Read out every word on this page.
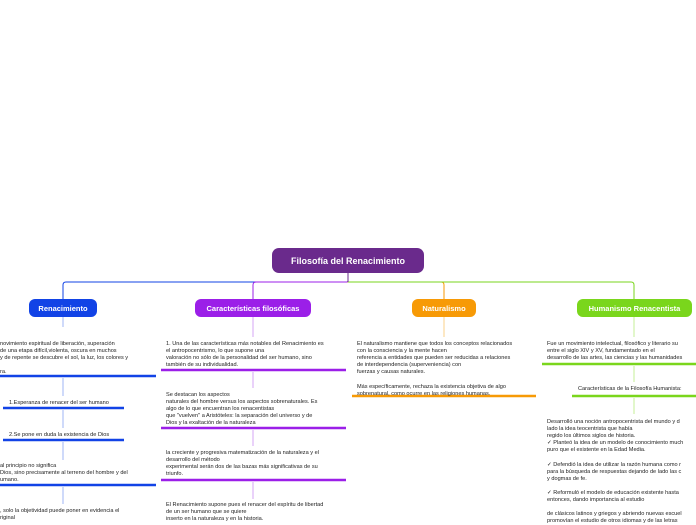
Filosofía del Renacimiento
Renacimiento	Características filosóficas	Naturalismo	Humanismo Renacentista
novimiento espiritual de liberación, superación
de una etapa difícil,violenta, oscura en muchos
y de repente se descubre el sol, la luz, los colores y

ra.
1.Esperanza de renacer del ser humano
2.Se pone en duda la existencia de Dios
al principio no significa
Dios, sino precisamente al terreno del hombre y del
umano.
, solo la objetividad puede poner en evidencia el
riginal
1. Una de las características más notables del Renacimiento es
el antropocentrismo, lo que supone una
valoración no sólo de la personalidad del ser humano, sino
también de su individualidad.
Se destacan los aspectos
naturales del hombre versus los aspectos sobrenaturales. Es
algo de lo que encuentran los renacentistas
que "vuelven" a Aristóteles: la separación del universo y de
Dios y la exaltación de la naturaleza
la creciente y progresiva matematización de la naturaleza y el
desarrollo del método
experimental serán dos de las bazas más significativas de su
triunfo.
El Renacimiento supone pues el renacer del espíritu de libertad
de un ser humano que se quiere
inserto en la naturaleza y en la historia.
El naturalismo mantiene que todos los conceptos relacionados
con la consciencia y la mente hacen
referencia a entidades que pueden ser reducidas a relaciones
de interdependencia (superveniencia) con
fuerzas y causas naturales.

Más específicamente, rechaza la existencia objetiva de algo
sobrenatural, como ocurre en las religiones humanas.
Fue un movimiento intelectual, filosófico y literario su
entre el siglo XIV y XV, fundamentado en el
desarrollo de las artes, las ciencias y las humanidades
Características de la Filosofía Humanista:
Desarrolló una noción antropocentrista del mundo y d
lado la idea teocentrista que había
regido los últimos siglos de historia.
✓ Planteó la idea de un modelo de conocimiento much
puro que el existente en la Edad Media.

✓ Defendió la idea de utilizar la razón humana como r
para la búsqueda de respuestas dejando de lado las c
y dogmas de fe.

✓ Reformuló el modelo de educación existente hasta
entonces, dando importancia al estudio

de clásicos latinos y griegos y abriendo nuevas escuel
promovían el estudio de otros idiomas y de las letras
